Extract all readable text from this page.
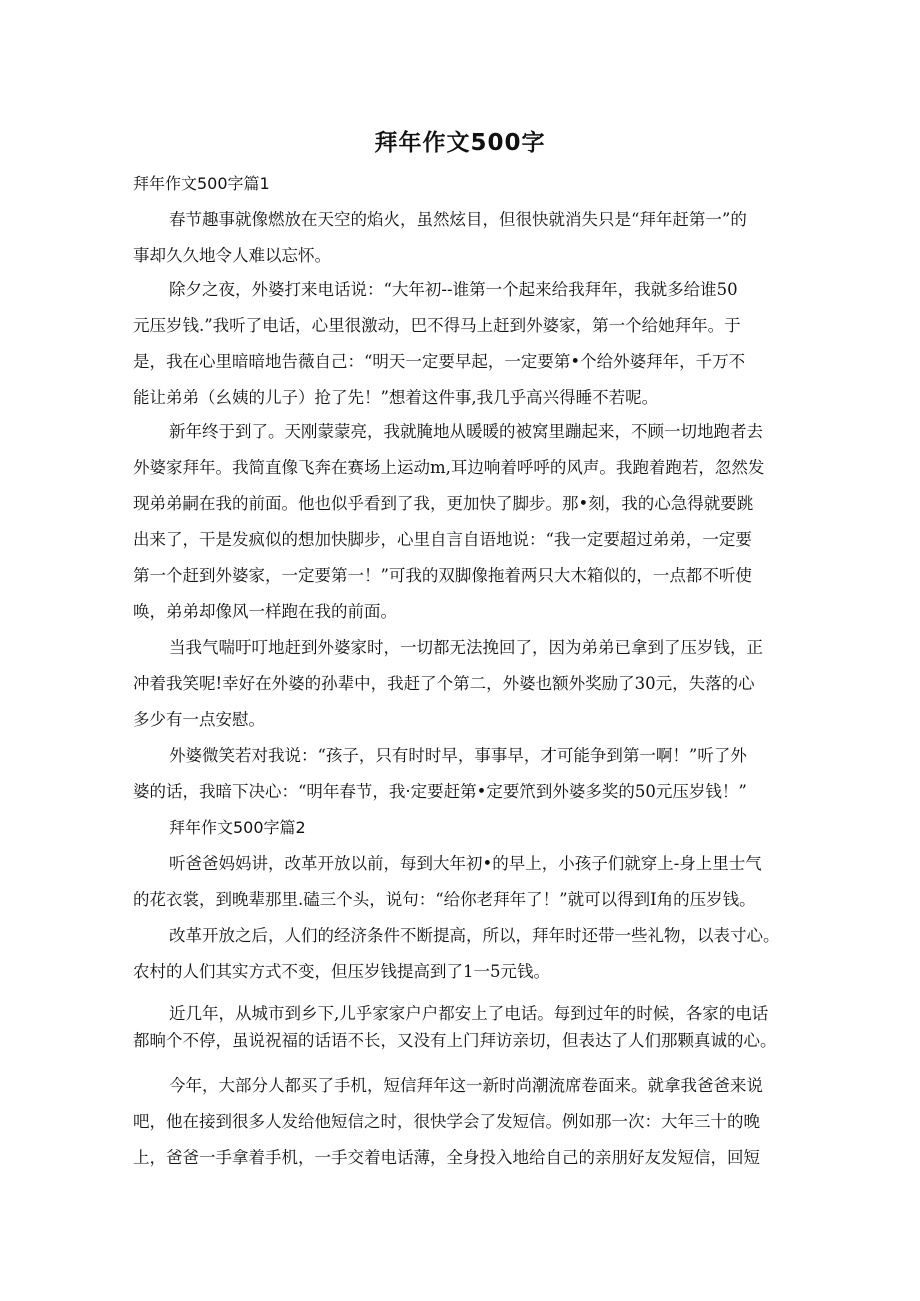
拜年作文500字
拜年作文500字篇1
春节趣事就像燃放在天空的焰火，虽然炫目，但很快就消失只是“拜年赶第一”的
事却久久地令人难以忘怀。
除夕之夜，外婆打来电话说：“大年初--谁第一个起来给我拜年，我就多给谁50
元压岁钱.”我听了电话，心里很激动，巴不得马上赶到外婆家，第一个给她拜年。于
是，我在心里暗暗地告薇自己：“明天一定要早起，一定要第•个给外婆拜年，千万不
能让弟弟（幺姨的儿子）抢了先！”想着这件事,我几乎高兴得睡不若呢。
新年终于到了。天刚蒙蒙亮，我就腌地从暖暖的被窝里蹦起来，不顾一切地跑者去
外婆家拜年。我简直像飞奔在赛场上运动m,耳边响着呼呼的风声。我跑着跑若，忽然发
现弟弟嗣在我的前面。他也似乎看到了我，更加快了脚步。那•刻，我的心急得就要跳
出来了，干是发疯似的想加快脚步，心里自言自语地说：“我一定要超过弟弟，一定要
第一个赶到外婆家，一定要第一！”可我的双脚像拖着两只大木箱似的，一点都不听使
唤，弟弟却像风一样跑在我的前面。
当我气喘吁叮地赶到外婆家时，一切都无法挽回了，因为弟弟已拿到了压岁钱，正
冲着我笑呢!幸好在外婆的孙辈中，我赶了个第二，外婆也额外奖励了30元，失落的心
多少有一点安慰。
外婆微笑若对我说：“孩子，只有时时早，事事早，才可能争到第一啊！”听了外
婆的话，我暗下决心：“明年春节，我·定要赶第•定要笊到外婆多奖的50元压岁钱！”
拜年作文500字篇2
听爸爸妈妈讲，改革开放以前，每到大年初•的早上，小孩子们就穿上-身上里士气
的花衣裳，到晚辈那里.磕三个头，说句：“给你老拜年了！”就可以得到I角的压岁钱。
改革开放之后，人们的经济条件不断提高，所以，拜年时还带一些礼物，以表寸心。
农村的人们其实方式不变，但压岁钱提高到了1一5元钱。
近几年，从城市到乡下,儿乎家家户户都安上了电话。每到过年的时候，各家的电话
都晌个不停，虽说祝福的话语不长，又没有上门拜访亲切，但表达了人们那颗真诚的心。
今年，大部分人都买了手机，短信拜年这一新时尚潮流席卷面来。就拿我爸爸来说
吧，他在接到很多人发给他短信之时，很快学会了发短信。例如那一次：大年三十的晚
上，爸爸一手拿着手机，一手交着电话薄，全身投入地给自己的亲朋好友发短信，回短
